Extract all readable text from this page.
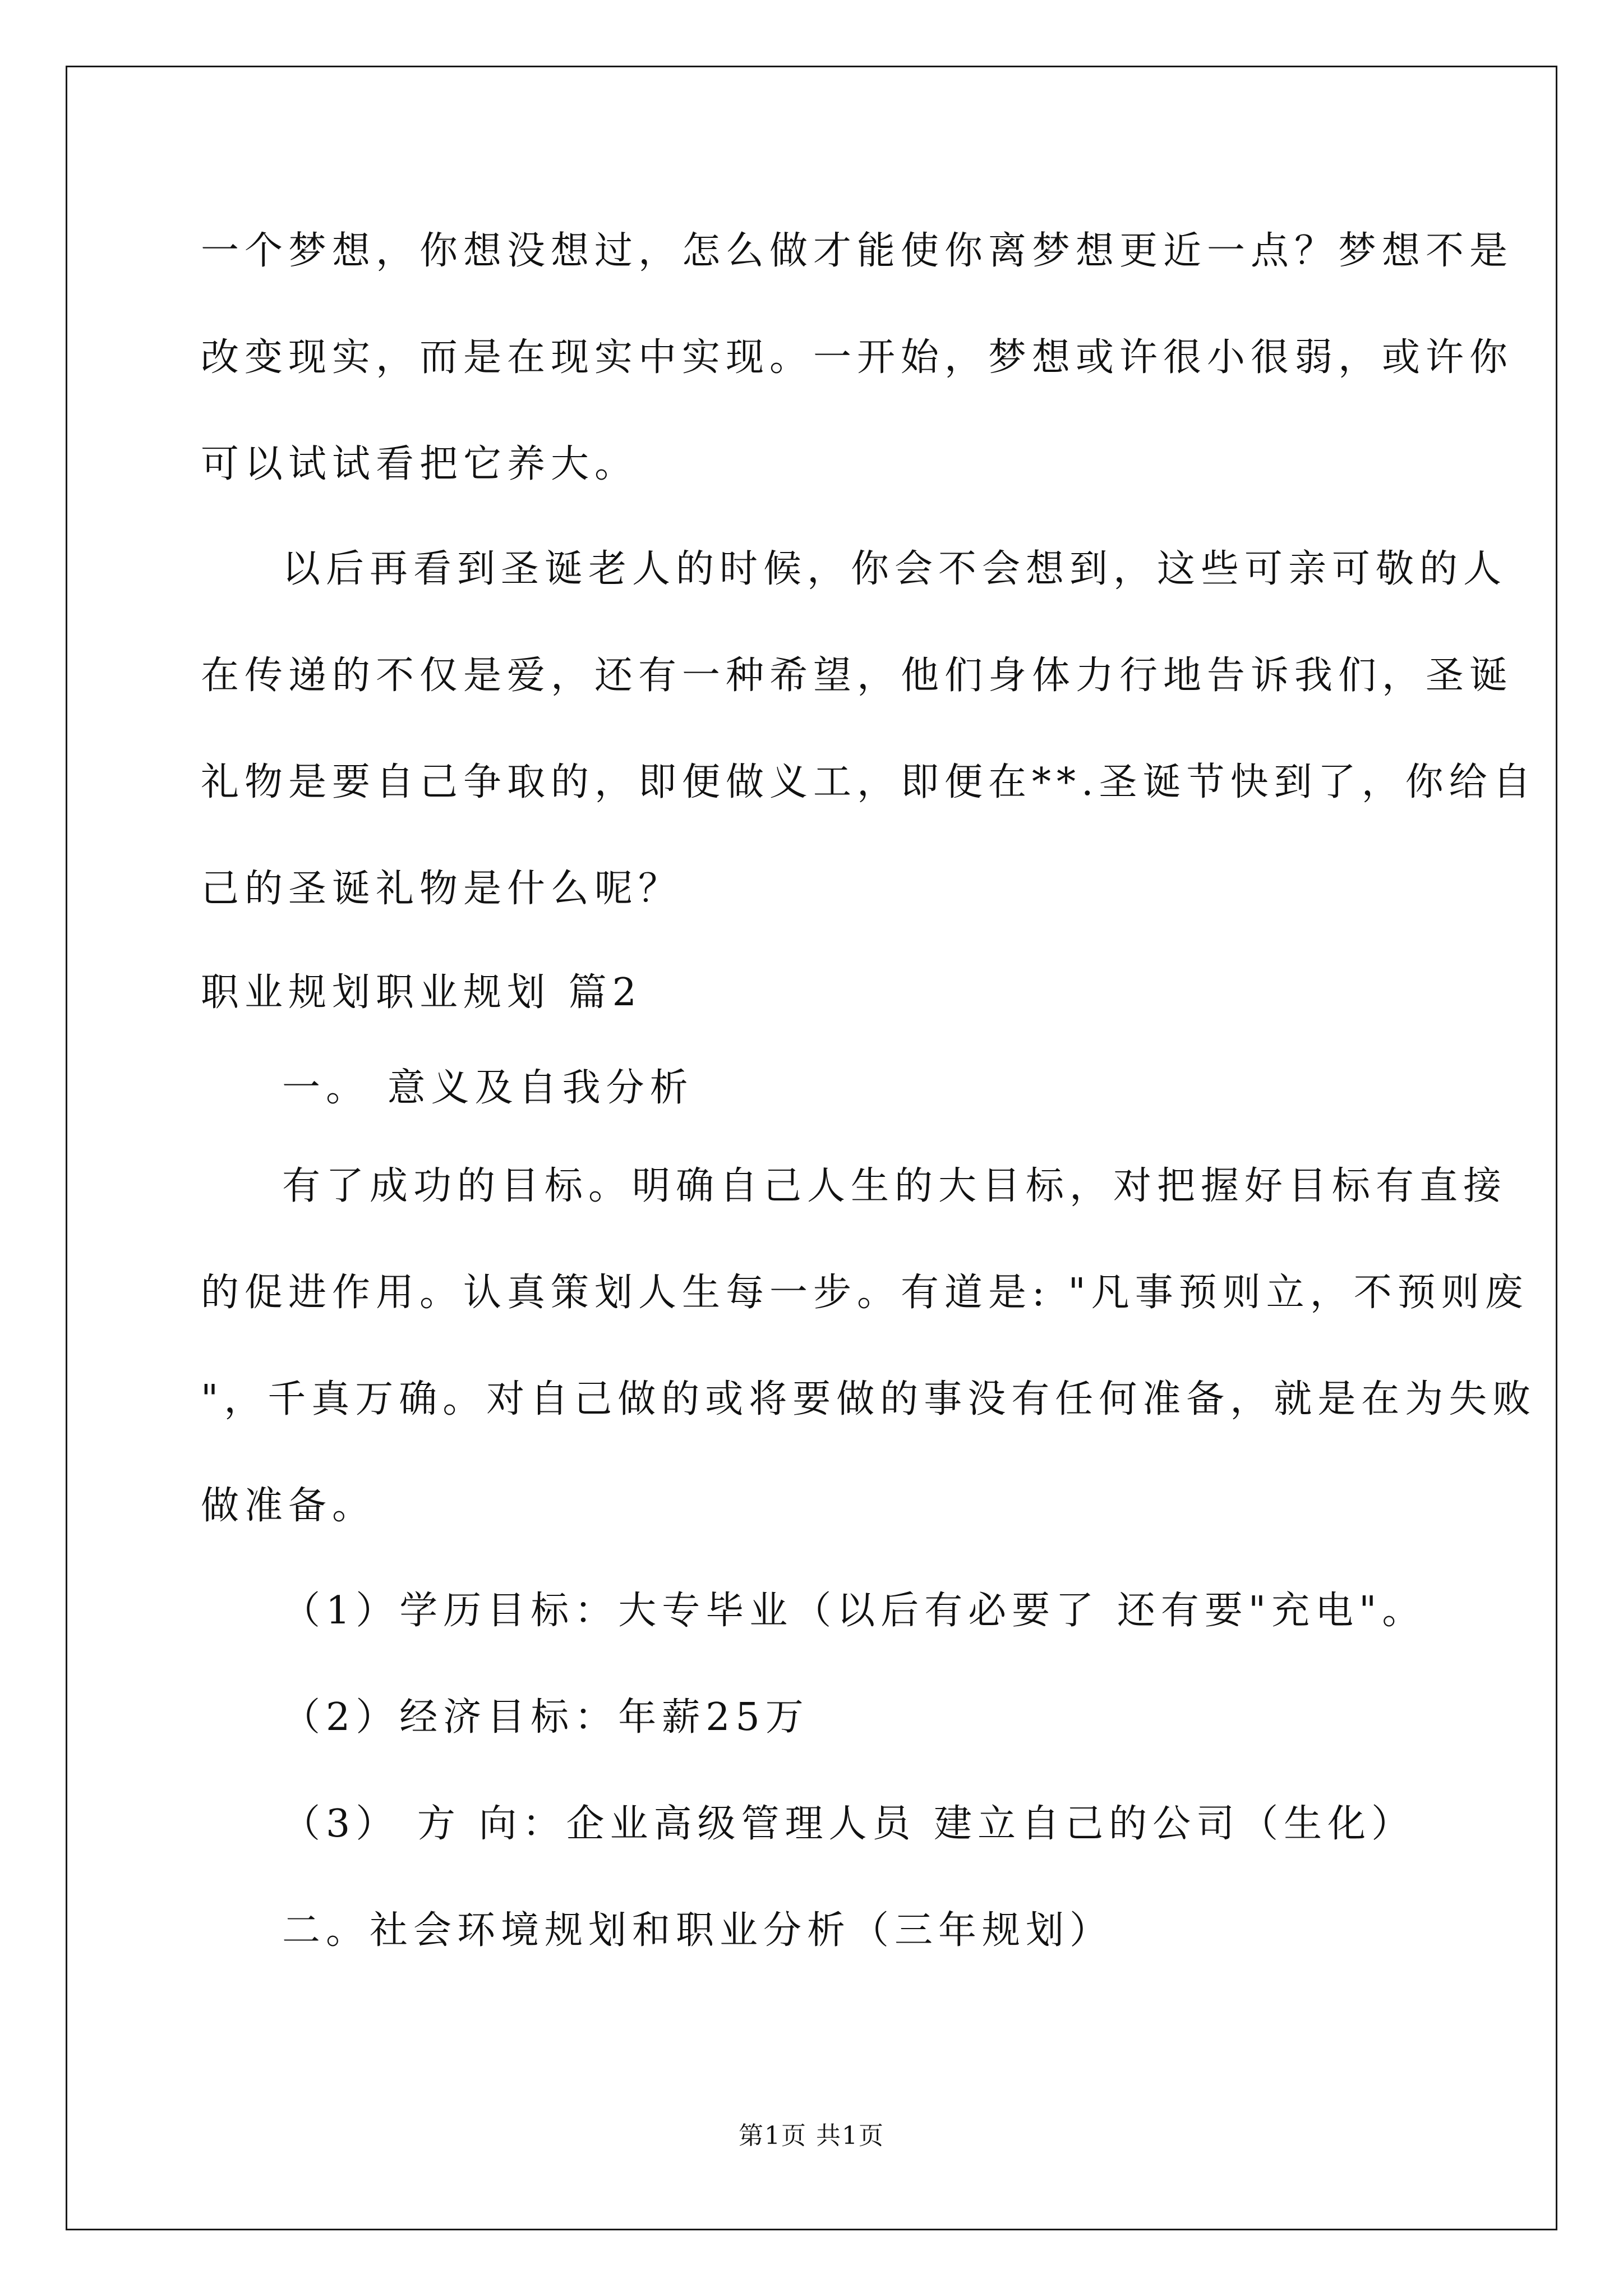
一个梦想，你想没想过，怎么做才能使你离梦想更近一点？梦想不是
改变现实，而是在现实中实现。一开始，梦想或许很小很弱，或许你
可以试试看把它养大。
以后再看到圣诞老人的时候，你会不会想到，这些可亲可敬的人
在传递的不仅是爱，还有一种希望，他们身体力行地告诉我们，圣诞
礼物是要自己争取的，即便做义工，即便在**.圣诞节快到了，你给自
己的圣诞礼物是什么呢？
职业规划职业规划 篇2
一。 意义及自我分析
有了成功的目标。明确自己人生的大目标，对把握好目标有直接
的促进作用。认真策划人生每一步。有道是: "凡事预则立，不预则废
"，千真万确。对自己做的或将要做的事没有任何准备，就是在为失败
做准备。
（1）学历目标：大专毕业（以后有必要了 还有要"充电"。
（2）经济目标：年薪25万
（3） 方 向：企业高级管理人员 建立自己的公司（生化）
二。社会环境规划和职业分析（三年规划）
第1页 共1页
